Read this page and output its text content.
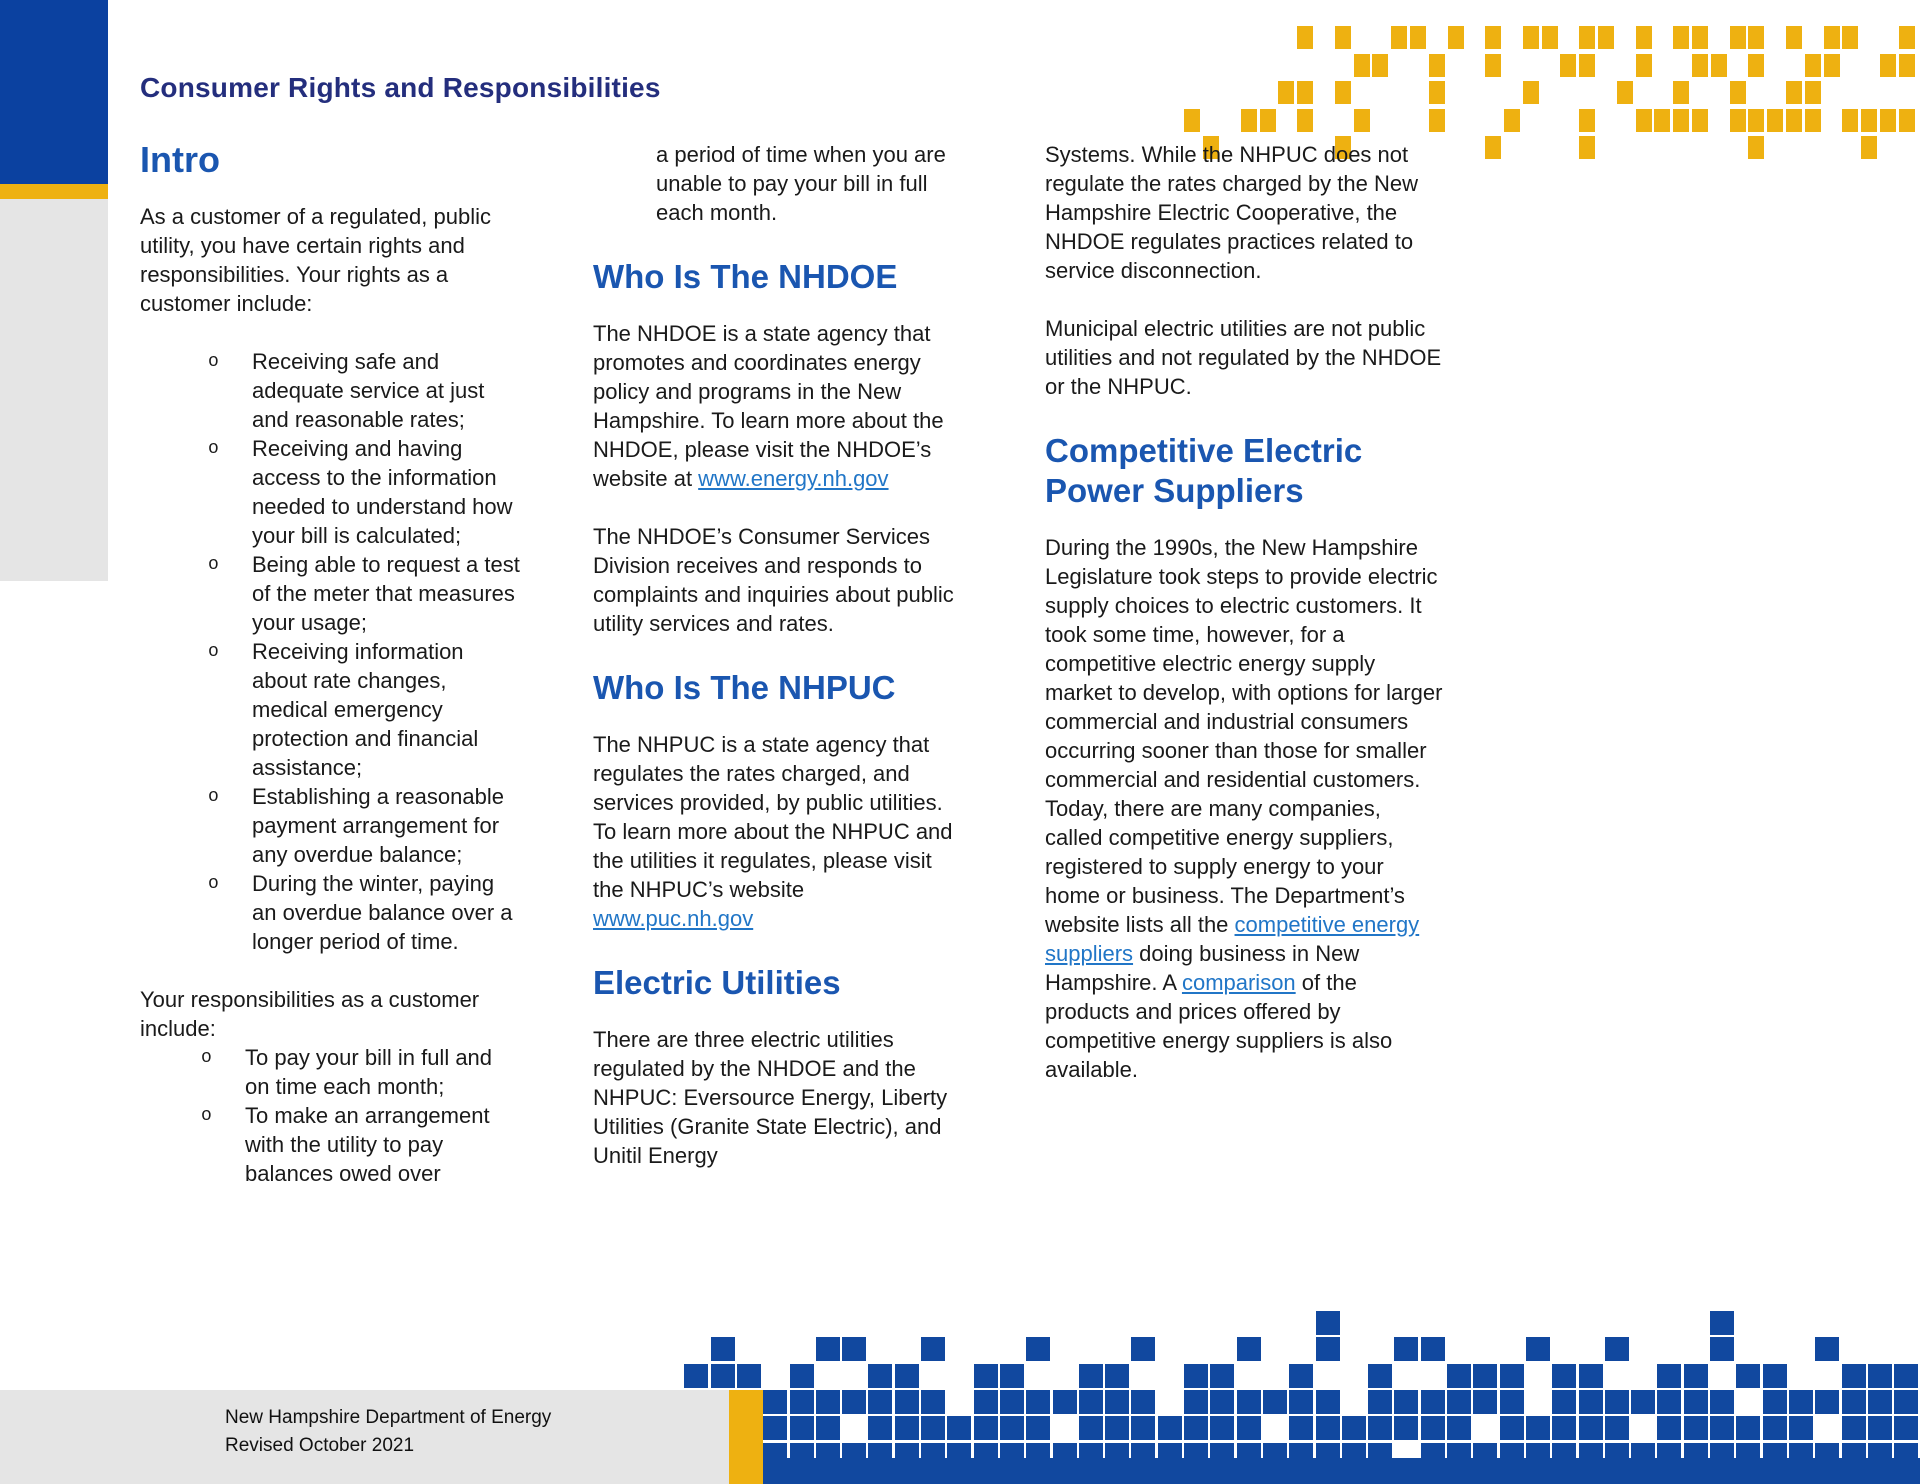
Consumer Rights and Responsibilities
Intro

As a customer of a regulated, public utility, you have certain rights and responsibilities. Your rights as a customer include:

o Receiving safe and adequate service at just and reasonable rates;
o Receiving and having access to the information needed to understand how your bill is calculated;
o Being able to request a test of the meter that measures your usage;
o Receiving information about rate changes, medical emergency protection and financial assistance;
o Establishing a reasonable payment arrangement for any overdue balance;
o During the winter, paying an overdue balance over a longer period of time.

Your responsibilities as a customer include:

o To pay your bill in full and on time each month;
o To make an arrangement with the utility to pay balances owed over

a period of time when you are unable to pay your bill in full each month.

Who Is The NHDOE

The NHDOE is a state agency that promotes and coordinates energy policy and programs in the New Hampshire. To learn more about the NHDOE, please visit the NHDOE’s website at www.energy.nh.gov

The NHDOE’s Consumer Services Division receives and responds to complaints and inquiries about public utility services and rates.

Who Is The NHPUC

The NHPUC is a state agency that regulates the rates charged, and services provided, by public utilities. To learn more about the NHPUC and the utilities it regulates, please visit the NHPUC’s website www.puc.nh.gov

Electric Utilities

There are three electric utilities regulated by the NHDOE and the NHPUC: Eversource Energy, Liberty Utilities (Granite State Electric), and Unitil Energy

Systems. While the NHPUC does not regulate the rates charged by the New Hampshire Electric Cooperative, the NHDOE regulates practices related to service disconnection.

Municipal electric utilities are not public utilities and not regulated by the NHDOE or the NHPUC.

Competitive Electric
Power Suppliers

During the 1990s, the New Hampshire Legislature took steps to provide electric supply choices to electric customers. It took some time, however, for a competitive electric energy supply market to develop, with options for larger commercial and industrial consumers occurring sooner than those for smaller commercial and residential customers. Today, there are many companies, called competitive energy suppliers, registered to supply energy to your home or business. The Department’s website lists all the competitive energy suppliers doing business in New Hampshire. A comparison of the products and prices offered by competitive energy suppliers is also available.

New Hampshire Department of Energy
Revised October 2021
